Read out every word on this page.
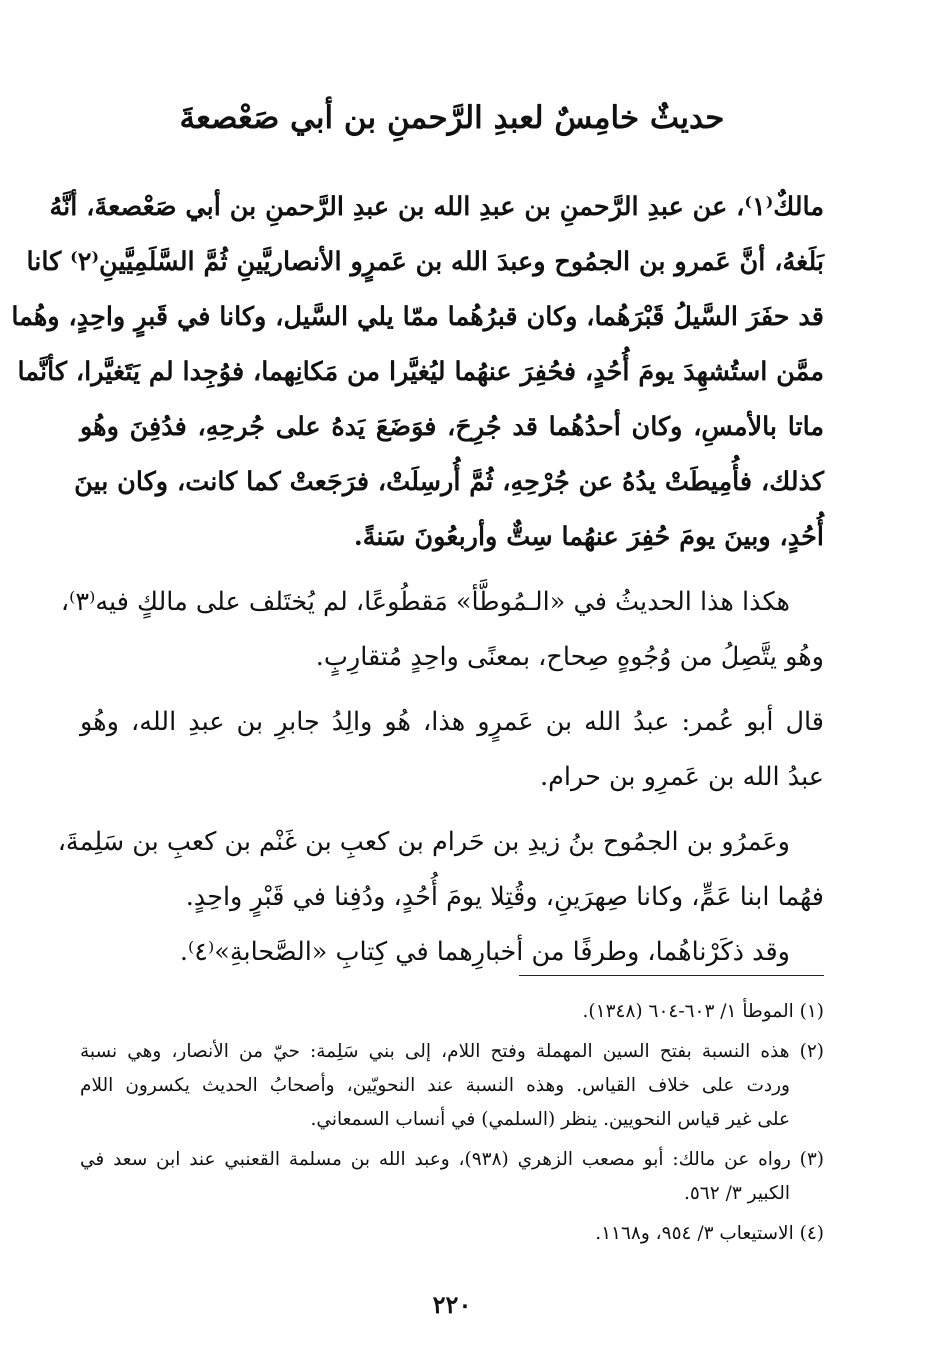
حديثٌ خامِسٌ لعبدِ الرَّحمنِ بن أبي صَعْصعةَ
مالكٌ⁽١⁾، عن عبدِ الرَّحمنِ بن عبدِ الله بن عبدِ الرَّحمنِ بن أبي صَعْصعةَ، أنَّهُ
بَلَغهُ، أنَّ عَمرو بن الجمُوح وعبدَ الله بن عَمرٍو الأنصاريَّينِ ثُمَّ السَّلَمِيَّينِ⁽٢⁾ كانا
قد حفَرَ السَّيلُ قَبْرَهُما، وكان قبرُهُما ممّا يلي السَّيل، وكانا في قَبرٍ واحِدٍ، وهُما
ممَّن استُشهِدَ يومَ أُحُدٍ، فحُفِرَ عنهُما ليُغيَّرا من مَكانِهما، فوُجِدا لم يَتَغيَّرا، كأنَّما
ماتا بالأمسِ، وكان أحدُهُما قد جُرِحَ، فوَضَعَ يَدهُ على جُرحِهِ، فدُفِنَ وهُو
كذلك، فأُمِيطَتْ يدُهُ عن جُرْحِهِ، ثُمَّ أُرسِلَتْ، فرَجَعتْ كما كانت، وكان بينَ
أُحُدٍ، وبينَ يومَ حُفِرَ عنهُما سِتٌّ وأربعُونَ سَنةً.
هكذا هذا الحديثُ في «الـمُوطَّأ» مَقطُوعًا، لم يُختَلف على مالكٍ فيه⁽٣⁾،
وهُو يتَّصِلُ من وُجُوهٍ صِحاح، بمعنًى واحِدٍ مُتقارِبٍ.
قال أبو عُمر: عبدُ الله بن عَمرٍو هذا، هُو والِدُ جابرِ بن عبدِ الله، وهُو
عبدُ الله بن عَمرِو بن حرام.
وعَمرُو بن الجمُوح بنُ زيدِ بن حَرام بن كعبِ بن غَنْم بن كعبِ بن سَلِمةَ،
فهُما ابنا عَمٍّ، وكانا صِهرَينِ، وقُتِلا يومَ أُحُدٍ، ودُفِنا في قَبْرٍ واحِدٍ.
وقد ذكَرْناهُما، وطرفًا من أخبارِهما في كِتابِ «الصَّحابةِ»⁽٤⁾.
(١) الموطأ ١/ ٦٠٣-٦٠٤ (١٣٤٨).
(٢) هذه النسبة بفتح السين المهملة وفتح اللام، إلى بني سَلِمة: حيّ من الأنصار، وهي نسبة
وردت على خلاف القياس. وهذه النسبة عند النحويّين، وأصحابُ الحديث يكسرون اللام
على غير قياس النحويين. ينظر (السلمي) في أنساب السمعاني.
(٣) رواه عن مالك: أبو مصعب الزهري (٩٣٨)، وعبد الله بن مسلمة القعنبي عند ابن سعد في
الكبير ٣/ ٥٦٢.
(٤) الاستيعاب ٣/ ٩٥٤، و١١٦٨.
٢٢٠
